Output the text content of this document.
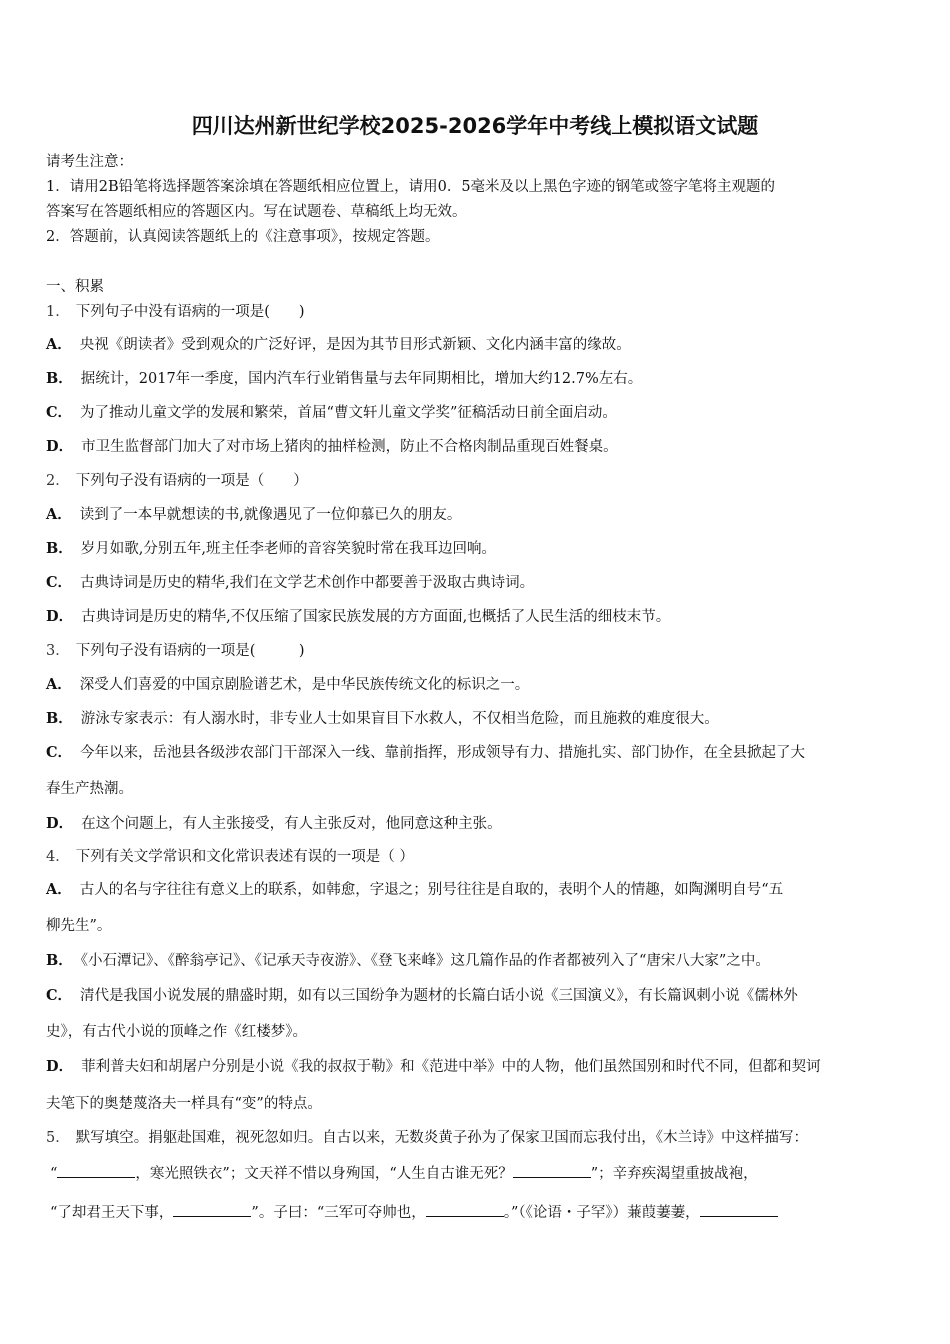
四川达州新世纪学校2025-2026学年中考线上模拟语文试题
请考生注意：
1．请用2B铅笔将选择题答案涂填在答题纸相应位置上，请用0．5毫米及以上黑色字迹的钢笔或签字笔将主观题的
答案写在答题纸相应的答题区内。写在试题卷、草稿纸上均无效。
2．答题前，认真阅读答题纸上的《注意事项》，按规定答题。
一、积累
1． 下列句子中没有语病的一项是(　　)
A． 央视《朗读者》受到观众的广泛好评，是因为其节目形式新颖、文化内涵丰富的缘故。
B． 据统计，2017年一季度，国内汽车行业销售量与去年同期相比，增加大约12.7%左右。
C． 为了推动儿童文学的发展和繁荣，首届“曹文轩儿童文学奖”征稿活动日前全面启动。
D． 市卫生监督部门加大了对市场上猪肉的抽样检测，防止不合格肉制品重现百姓餐桌。
2． 下列句子没有语病的一项是（　　）
A． 读到了一本早就想读的书,就像遇见了一位仰慕已久的朋友。
B． 岁月如歌,分别五年,班主任李老师的音容笑貌时常在我耳边回响。
C． 古典诗词是历史的精华,我们在文学艺术创作中都要善于汲取古典诗词。
D． 古典诗词是历史的精华,不仅压缩了国家民族发展的方方面面,也概括了人民生活的细枝末节。
3． 下列句子没有语病的一项是(　　　)
A． 深受人们喜爱的中国京剧脸谱艺术，是中华民族传统文化的标识之一。
B． 游泳专家表示：有人溺水时，非专业人士如果盲目下水救人，不仅相当危险，而且施救的难度很大。
C． 今年以来，岳池县各级涉农部门干部深入一线、靠前指挥，形成领导有力、措施扎实、部门协作，在全县掀起了大
春生产热潮。
D． 在这个问题上，有人主张接受，有人主张反对，他同意这种主张。
4． 下列有关文学常识和文化常识表述有误的一项是（ ）
A． 古人的名与字往往有意义上的联系，如韩愈，字退之；别号往往是自取的，表明个人的情趣，如陶渊明自号“五
柳先生”。
B． 《小石潭记》、《醉翁亭记》、《记承天寺夜游》、《登飞来峰》这几篇作品的作者都被列入了“唐宋八大家”之中。
C． 清代是我国小说发展的鼎盛时期，如有以三国纷争为题材的长篇白话小说《三国演义》，有长篇讽刺小说《儒林外
史》，有古代小说的顶峰之作《红楼梦》。
D． 菲利普夫妇和胡屠户分别是小说《我的叔叔于勒》和《范进中举》中的人物，他们虽然国别和时代不同，但都和契诃
夫笔下的奥楚蔑洛夫一样具有“变”的特点。
5． 默写填空。捐躯赴国难，视死忽如归。自古以来，无数炎黄子孙为了保家卫国而忘我付出，《木兰诗》中这样描写：
“	，寒光照铁衣”；文天祥不惜以身殉国，“人生自古谁无死？	”；辛弃疾渴望重披战袍，
“了却君王天下事，	”。子曰：“三军可夺帅也，	。”（《论语・子罕》）蒹葭萋萋，
